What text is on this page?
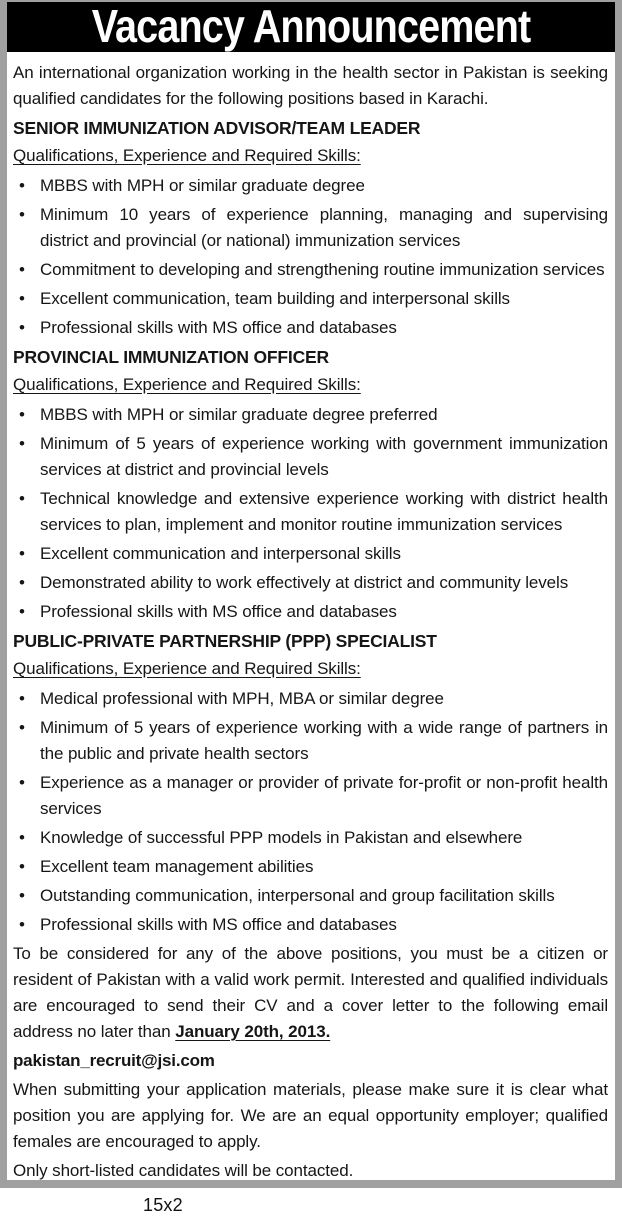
Vacancy Announcement

An international organization working in the health sector in Pakistan is seeking qualified candidates for the following positions based in Karachi.

SENIOR IMMUNIZATION ADVISOR/TEAM LEADER
Qualifications, Experience and Required Skills:
• MBBS with MPH or similar graduate degree
• Minimum 10 years of experience planning, managing and supervising district and provincial (or national) immunization services
• Commitment to developing and strengthening routine immunization services
• Excellent communication, team building and interpersonal skills
• Professional skills with MS office and databases
PROVINCIAL IMMUNIZATION OFFICER
Qualifications, Experience and Required Skills:
• MBBS with MPH or similar graduate degree preferred
• Minimum of 5 years of experience working with government immunization services at district and provincial levels
• Technical knowledge and extensive experience working with district health services to plan, implement and monitor routine immunization services
• Excellent communication and interpersonal skills
• Demonstrated ability to work effectively at district and community levels
• Professional skills with MS office and databases
PUBLIC-PRIVATE PARTNERSHIP (PPP) SPECIALIST
Qualifications, Experience and Required Skills:
• Medical professional with MPH, MBA or similar degree
• Minimum of 5 years of experience working with a wide range of partners in the public and private health sectors
• Experience as a manager or provider of private for-profit or non-profit health services
• Knowledge of successful PPP models in Pakistan and elsewhere
• Excellent team management abilities
• Outstanding communication, interpersonal and group facilitation skills
• Professional skills with MS office and databases

To be considered for any of the above positions, you must be a citizen or resident of Pakistan with a valid work permit. Interested and qualified individuals are encouraged to send their CV and a cover letter to the following email address no later than January 20th, 2013.

pakistan_recruit@jsi.com

When submitting your application materials, please make sure it is clear what position you are applying for. We are an equal opportunity employer; qualified females are encouraged to apply.

Only short-listed candidates will be contacted.

15x2
